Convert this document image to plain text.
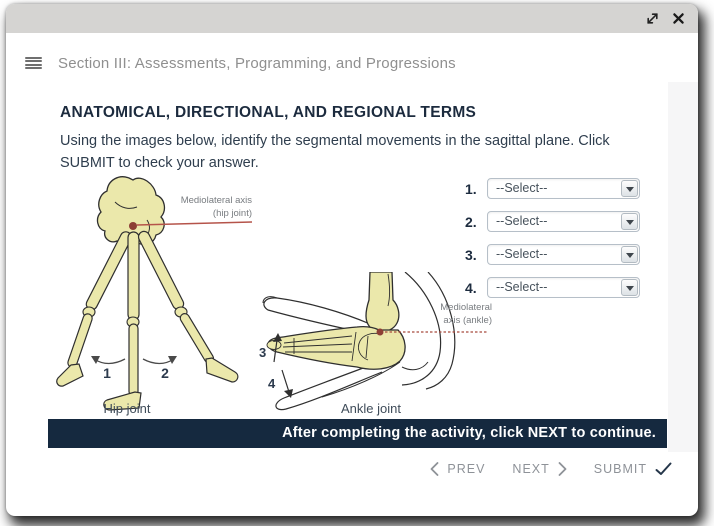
Section III: Assessments, Programming, and Progressions
ANATOMICAL, DIRECTIONAL, AND REGIONAL TERMS
Using the images below, identify the segmental movements in the sagittal plane. Click SUBMIT to check your answer.
1.	--Select--
2.	--Select--
3.	--Select--
4.	--Select--
Mediolateral axis
(hip joint)
1	2
Mediolateral
axis (ankle)
3
4
Hip joint	Ankle joint
After completing the activity, click NEXT to continue.
PREV NEXT	SUBMIT
